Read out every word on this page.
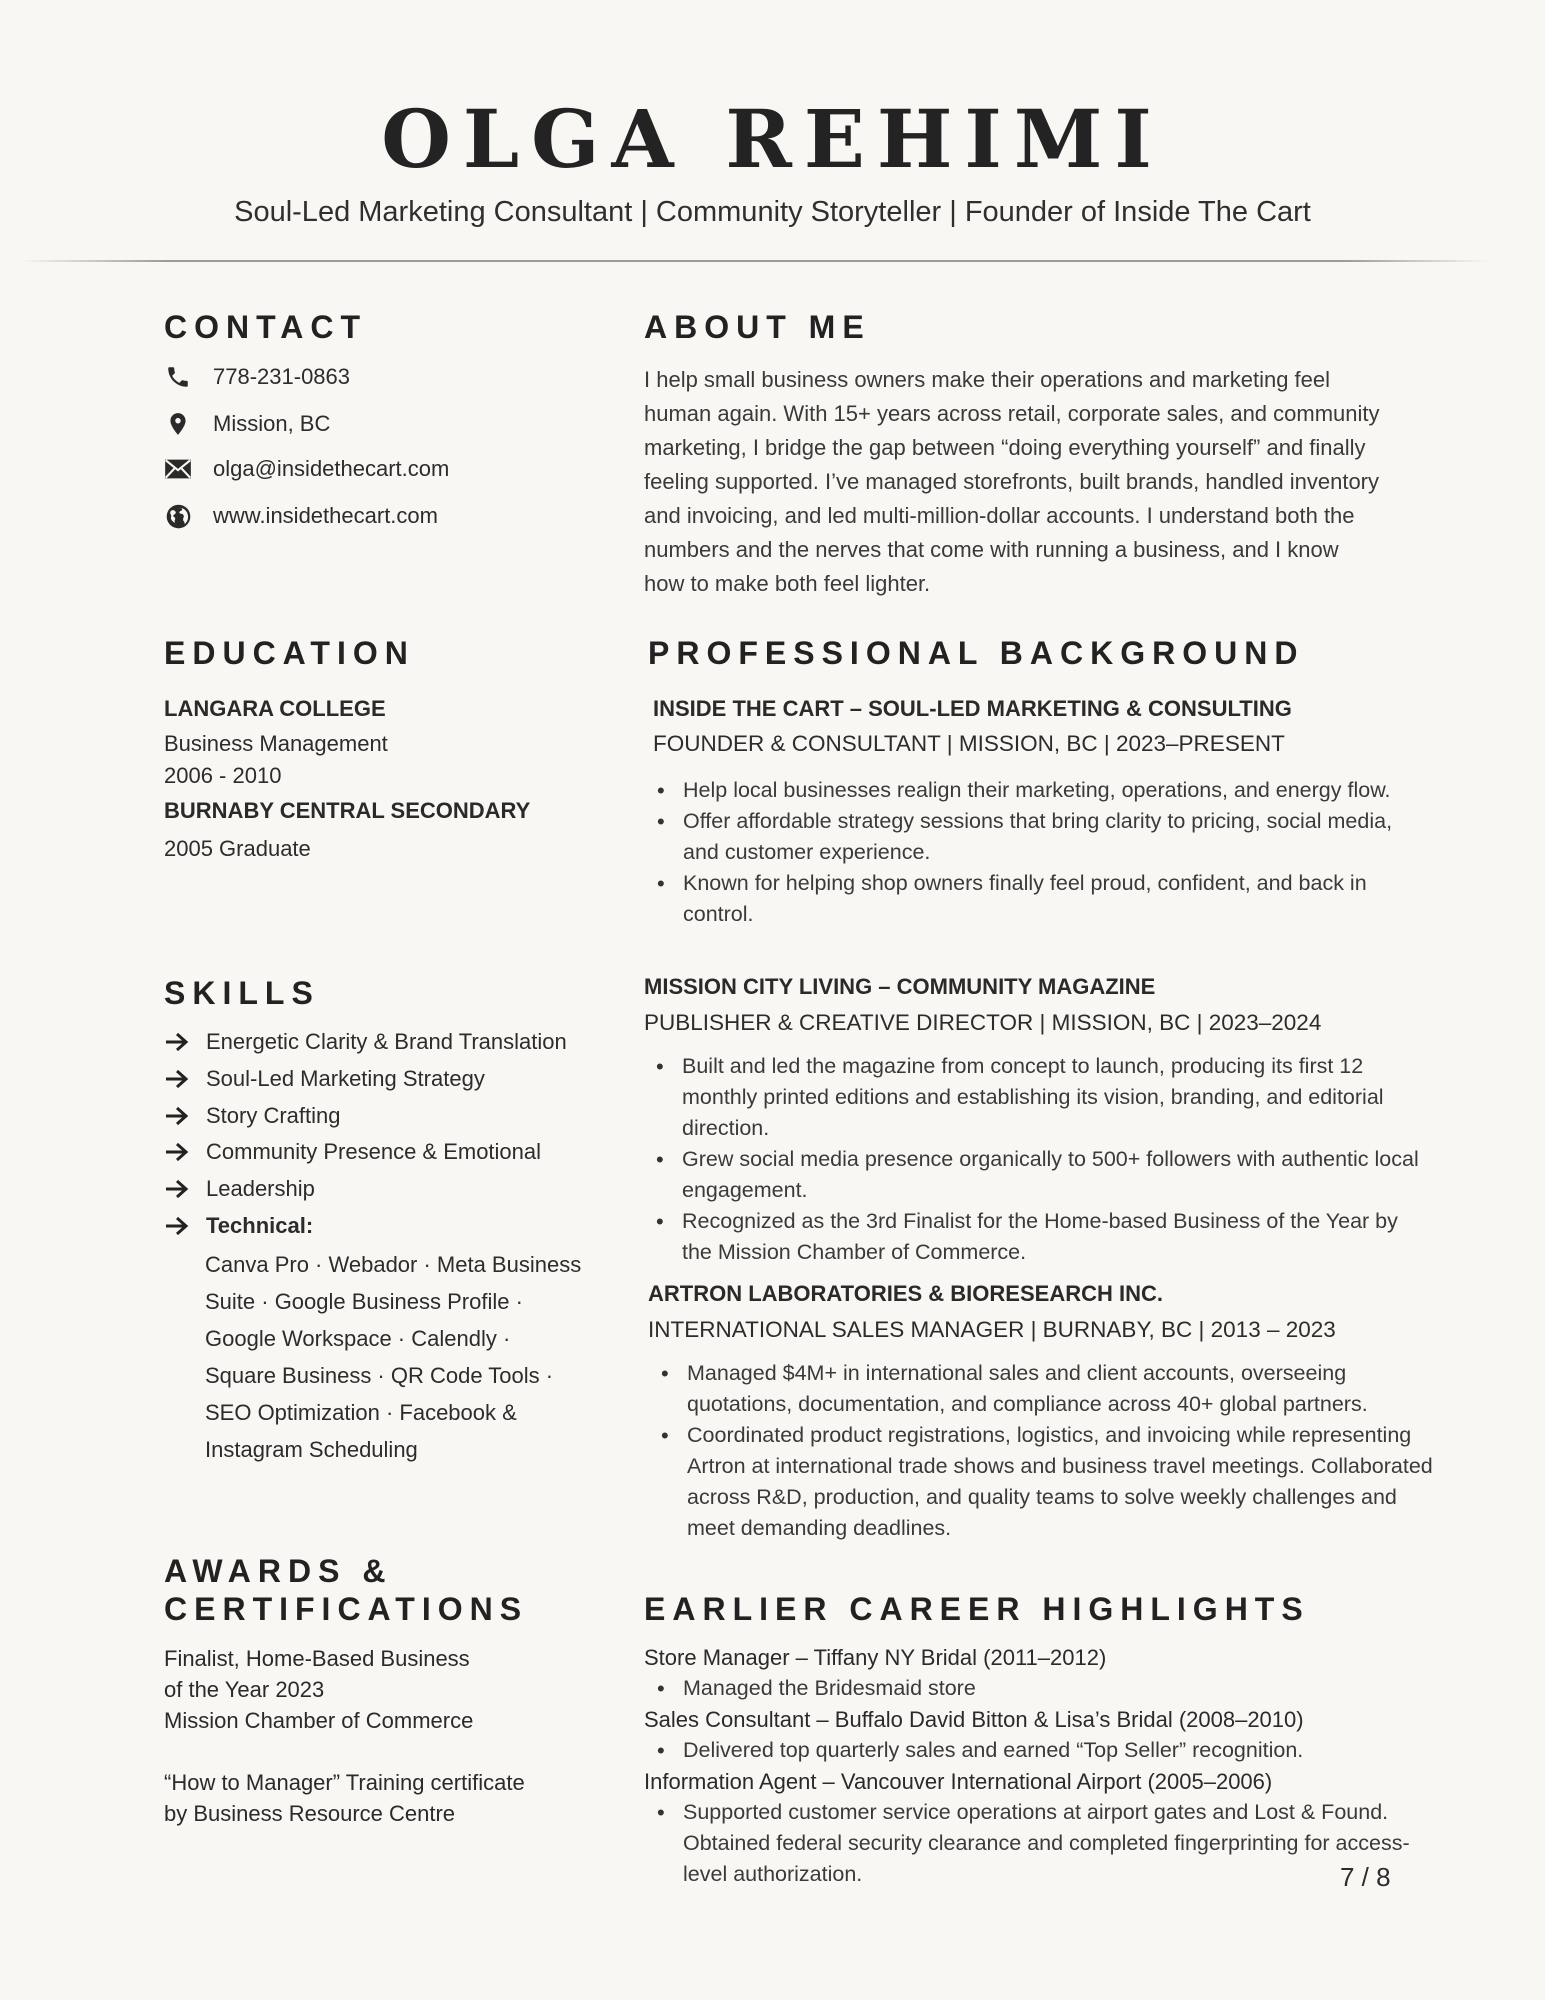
OLGA REHIMI
Soul-Led Marketing Consultant | Community Storyteller | Founder of Inside The Cart
CONTACT
778-231-0863
Mission, BC
olga@insidethecart.com
www.insidethecart.com
ABOUT ME
I help small business owners make their operations and marketing feel
human again. With 15+ years across retail, corporate sales, and community
marketing, I bridge the gap between “doing everything yourself” and finally
feeling supported. I’ve managed storefronts, built brands, handled inventory
and invoicing, and led multi-million-dollar accounts. I understand both the
numbers and the nerves that come with running a business, and I know
how to make both feel lighter.
EDUCATION
LANGARA COLLEGE
Business Management
2006 - 2010
BURNABY CENTRAL SECONDARY
2005 Graduate
SKILLS
Energetic Clarity & Brand Translation
Soul-Led Marketing Strategy
Story Crafting
Community Presence & Emotional
Leadership
Technical:
Canva Pro · Webador · Meta Business
Suite · Google Business Profile ·
Google Workspace · Calendly ·
Square Business · QR Code Tools ·
SEO Optimization · Facebook &
Instagram Scheduling
AWARDS &
CERTIFICATIONS
Finalist, Home-Based Business
of the Year 2023
Mission Chamber of Commerce
“How to Manager” Training certificate
by Business Resource Centre
PROFESSIONAL BACKGROUND
INSIDE THE CART – SOUL-LED MARKETING & CONSULTING
FOUNDER & CONSULTANT | MISSION, BC | 2023–PRESENT
• Help local businesses realign their marketing, operations, and energy flow.
• Offer affordable strategy sessions that bring clarity to pricing, social media, and customer experience.
• Known for helping shop owners finally feel proud, confident, and back in control.
MISSION CITY LIVING – COMMUNITY MAGAZINE
PUBLISHER & CREATIVE DIRECTOR | MISSION, BC | 2023–2024
• Built and led the magazine from concept to launch, producing its first 12 monthly printed editions and establishing its vision, branding, and editorial direction.
• Grew social media presence organically to 500+ followers with authentic local engagement.
• Recognized as the 3rd Finalist for the Home-based Business of the Year by the Mission Chamber of Commerce.
ARTRON LABORATORIES & BIORESEARCH INC.
INTERNATIONAL SALES MANAGER | BURNABY, BC | 2013 – 2023
• Managed $4M+ in international sales and client accounts, overseeing quotations, documentation, and compliance across 40+ global partners.
• Coordinated product registrations, logistics, and invoicing while representing Artron at international trade shows and business travel meetings. Collaborated across R&D, production, and quality teams to solve weekly challenges and meet demanding deadlines.
EARLIER CAREER HIGHLIGHTS
Store Manager – Tiffany NY Bridal (2011–2012)
• Managed the Bridesmaid store
Sales Consultant – Buffalo David Bitton & Lisa’s Bridal (2008–2010)
• Delivered top quarterly sales and earned “Top Seller” recognition.
Information Agent – Vancouver International Airport (2005–2006)
• Supported customer service operations at airport gates and Lost & Found. Obtained federal security clearance and completed fingerprinting for access-level authorization.	7 / 8
